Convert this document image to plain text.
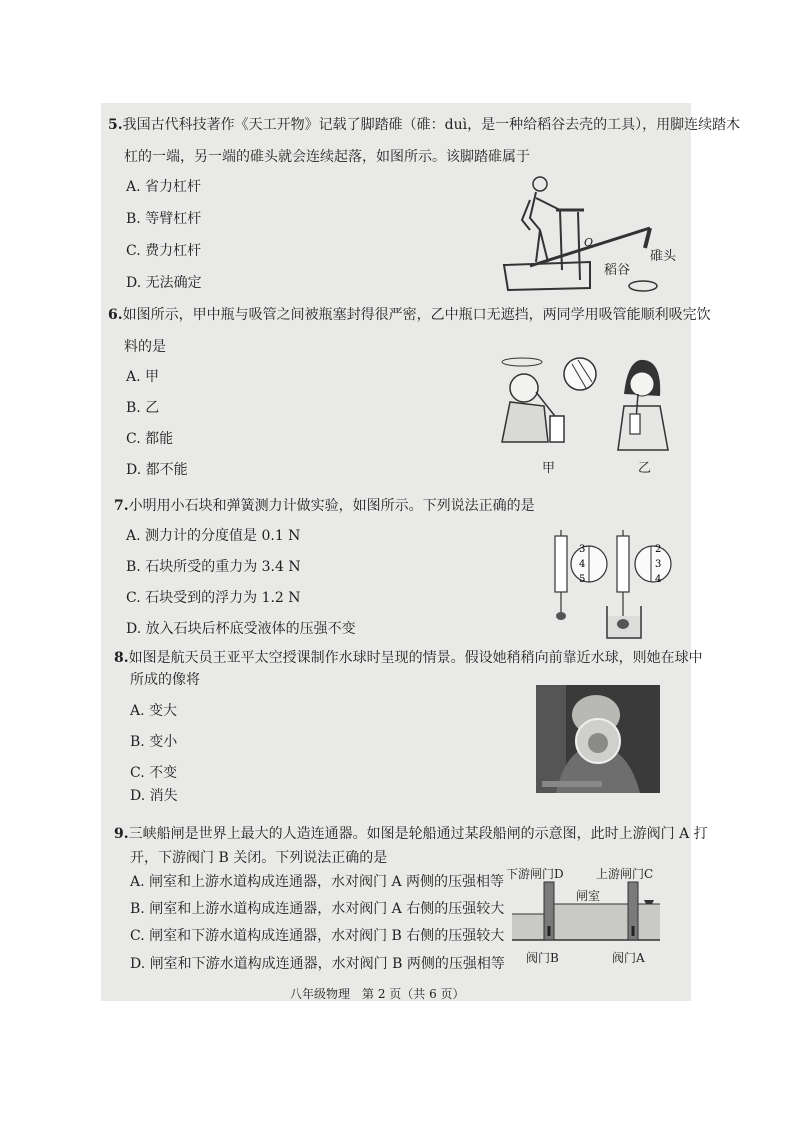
5.我国古代科技著作《天工开物》记载了脚踏碓（碓：duì，是一种给稻谷去壳的工具），用脚连续踏木
杠的一端，另一端的碓头就会连续起落，如图所示。该脚踏碓属于
A. 省力杠杆
B. 等臂杠杆
C. 费力杠杆
D. 无法确定
O
碓头
稻谷
6.如图所示，甲中瓶与吸管之间被瓶塞封得很严密，乙中瓶口无遮挡，两同学用吸管能顺利吸完饮
料的是
A. 甲
B. 乙
C. 都能
D. 都不能	甲	乙
7.小明用小石块和弹簧测力计做实验，如图所示。下列说法正确的是
A. 测力计的分度值是 0.1 N
B. 石块所受的重力为 3.4 N
C. 石块受到的浮力为 1.2 N
D. 放入石块后杯底受液体的压强不变
3
4
5
2
3
4
8.如图是航天员王亚平太空授课制作水球时呈现的情景。假设她稍稍向前靠近水球，则她在球中
所成的像将
A. 变大
B. 变小
C. 不变
D. 消失
9.三峡船闸是世界上最大的人造连通器。如图是轮船通过某段船闸的示意图，此时上游阀门 A 打
开，下游阀门 B 关闭。下列说法正确的是
A. 闸室和上游水道构成连通器，水对阀门 A 两侧的压强相等
B. 闸室和上游水道构成连通器，水对阀门 A 右侧的压强较大
C. 闸室和下游水道构成连通器，水对阀门 B 右侧的压强较大
D. 闸室和下游水道构成连通器，水对阀门 B 两侧的压强相等
下游闸门D	上游闸门C
闸室
阀门B	阀门A
八年级物理　第 2 页（共 6 页）
